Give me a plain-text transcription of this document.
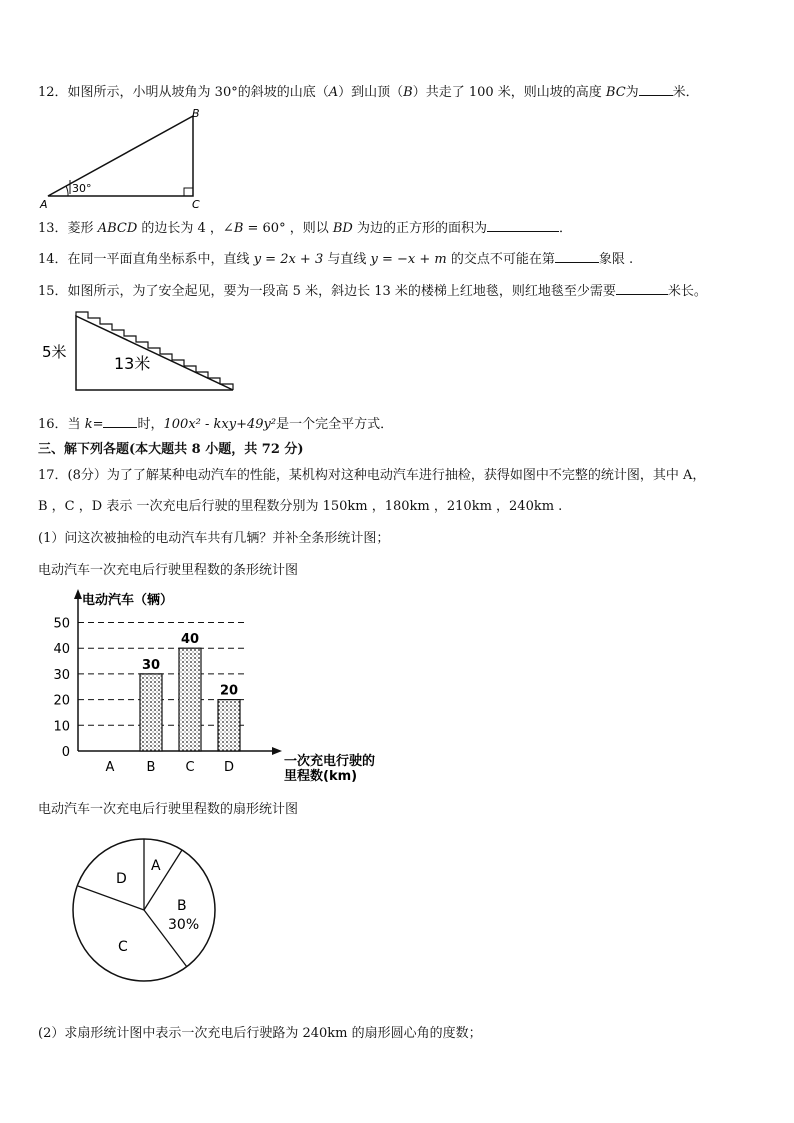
12．如图所示，小明从坡角为 30°的斜坡的山底（A）到山顶（B）共走了 100 米，则山坡的高度 BC为	米．
30°
A
B
C
13．菱形 ABCD 的边长为 4 ，∠B = 60° ，则以 BD 为边的正方形的面积为	．
14．在同一平面直角坐标系中，直线 y = 2x + 3 与直线 y = −x + m 的交点不可能在第	象限 .
15．如图所示，为了安全起见，要为一段高 5 米，斜边长 13 米的楼梯上红地毯，则红地毯至少需要	米长。
5米
13米
16．当 k=	时，100x² - kxy+49y²是一个完全平方式．
三、解下列各题(本大题共 8 小题，共 72 分)
17．(8分）为了了解某种电动汽车的性能，某机构对这种电动汽车进行抽检，获得如图中不完整的统计图，其中 A，
B ，C ，D 表示 一次充电后行驶的里程数分别为 150km ，180km ，210km ，240km .
(1）问这次被抽检的电动汽车共有几辆？并补全条形统计图；
电动汽车一次充电后行驶里程数的条形统计图
0
10
20
30
40
50
A B
30
C
40
D
20
电动汽车（辆）
一次充电行驶的
里程数(km)
电动汽车一次充电后行驶里程数的扇形统计图
A
B
30%
C
D
(2）求扇形统计图中表示一次充电后行驶路为 240km 的扇形圆心角的度数；
